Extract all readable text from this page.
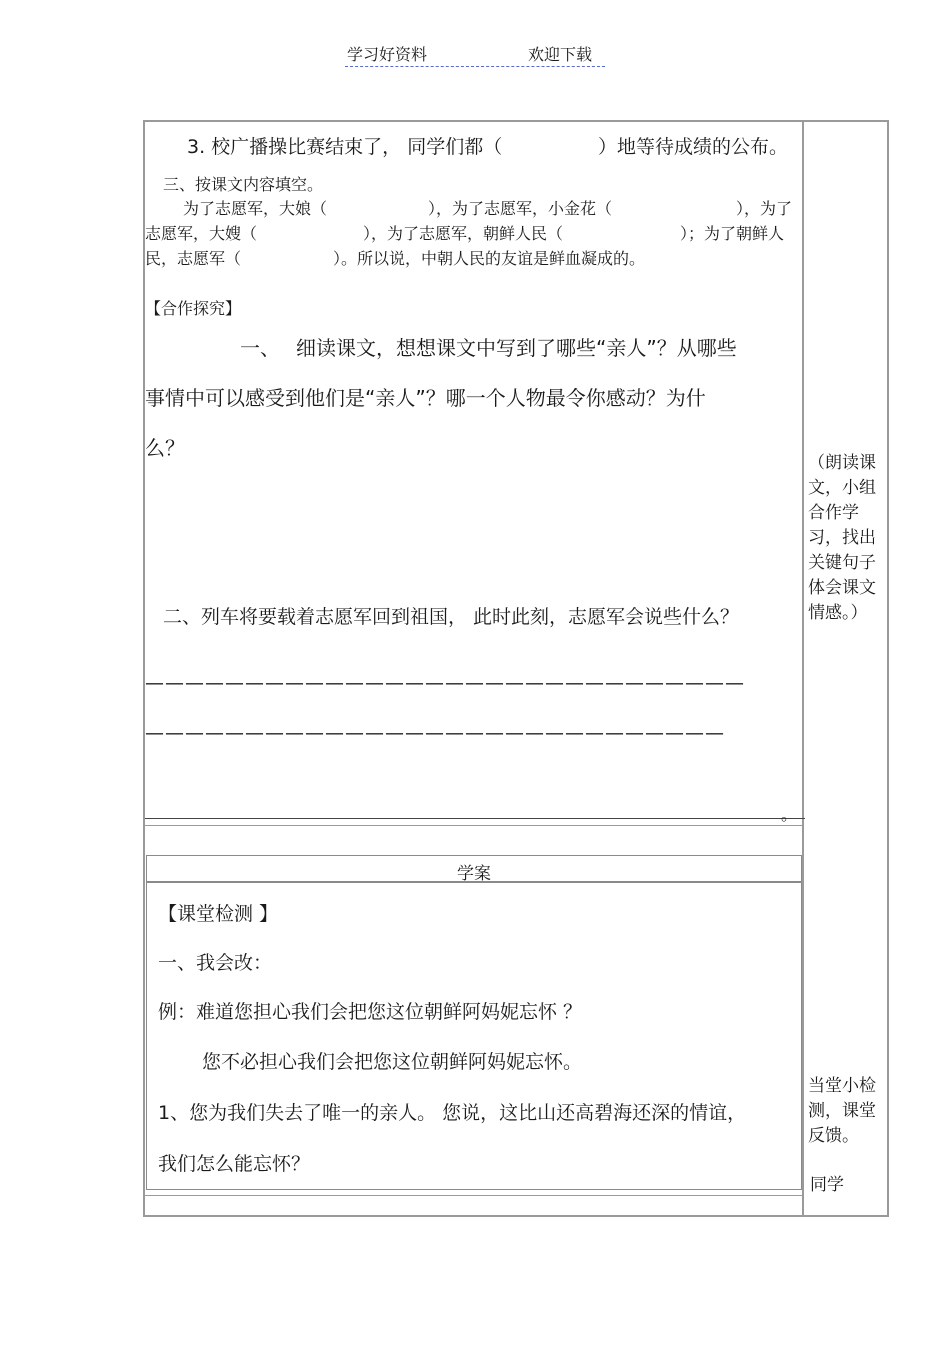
学习好资料	欢迎下载
3. 校广播操比赛结束了， 同学们都（	）地等待成绩的公布。
三、按课文内容填空。
为了志愿军，大娘（	），为了志愿军，小金花（	），为了
志愿军，大嫂（	），为了志愿军，朝鲜人民（	）；为了朝鲜人
民，志愿军（	）。所以说，中朝人民的友谊是鲜血凝成的。
【合作探究】
一、 细读课文，想想课文中写到了哪些“亲人”？从哪些
事情中可以感受到他们是“亲人”？哪一个人物最令你感动？为什
么？
二、列车将要载着志愿军回到祖国， 此时此刻，志愿军会说些什么？
——————————————————————————————
—————————————————————————————
。
（朗读课文，小组合作学习，找出关键句子体会课文情感。）
当堂小检测，课堂反馈。
同学
学案
【课堂检测 】
一、我会改：
例：难道您担心我们会把您这位朝鲜阿妈妮忘怀 ？
您不必担心我们会把您这位朝鲜阿妈妮忘怀。
1、您为我们失去了唯一的亲人。 您说，这比山还高碧海还深的情谊，
我们怎么能忘怀？
